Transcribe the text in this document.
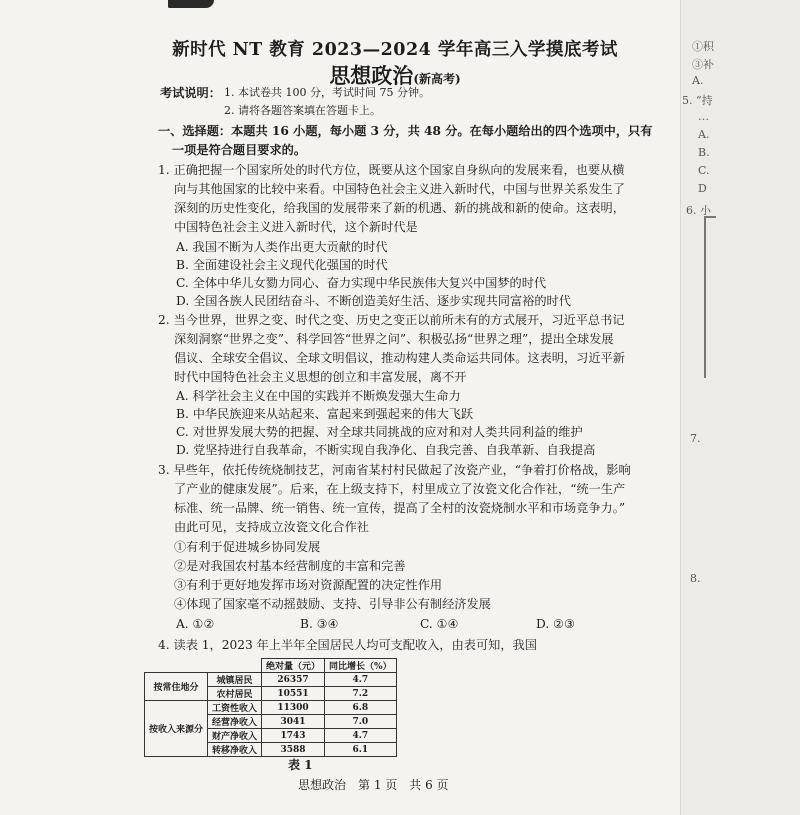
①积
③补
A.
5. “持
…
A.
B.
C.
D
6. 小
7.
8.
新时代 NT 教育 2023—2024 学年高三入学摸底考试
思想政治(新高考)
考试说明： 1. 本试卷共 100 分，考试时间 75 分钟。
2. 请将各题答案填在答题卡上。
一、选择题：本题共 16 小题，每小题 3 分，共 48 分。在每小题给出的四个选项中，只有
一项是符合题目要求的。
1. 正确把握一个国家所处的时代方位，既要从这个国家自身纵向的发展来看，也要从横
向与其他国家的比较中来看。中国特色社会主义进入新时代，中国与世界关系发生了
深刻的历史性变化，给我国的发展带来了新的机遇、新的挑战和新的使命。这表明，
中国特色社会主义进入新时代，这个新时代是
A. 我国不断为人类作出更大贡献的时代
B. 全面建设社会主义现代化强国的时代
C. 全体中华儿女勠力同心、奋力实现中华民族伟大复兴中国梦的时代
D. 全国各族人民团结奋斗、不断创造美好生活、逐步实现共同富裕的时代
2. 当今世界，世界之变、时代之变、历史之变正以前所未有的方式展开，习近平总书记
深刻洞察“世界之变”、科学回答“世界之问”、积极弘扬“世界之理”，提出全球发展
倡议、全球安全倡议、全球文明倡议，推动构建人类命运共同体。这表明，习近平新
时代中国特色社会主义思想的创立和丰富发展，离不开
A. 科学社会主义在中国的实践并不断焕发强大生命力
B. 中华民族迎来从站起来、富起来到强起来的伟大飞跃
C. 对世界发展大势的把握、对全球共同挑战的应对和对人类共同利益的维护
D. 党坚持进行自我革命，不断实现自我净化、自我完善、自我革新、自我提高
3. 早些年，依托传统烧制技艺，河南省某村村民做起了汝瓷产业，“争着打价格战，影响
了产业的健康发展”。后来，在上级支持下，村里成立了汝瓷文化合作社，“统一生产
标准、统一品牌、统一销售、统一宣传，提高了全村的汝瓷烧制水平和市场竞争力。”
由此可见，支持成立汝瓷文化合作社
①有利于促进城乡协同发展
②是对我国农村基本经营制度的丰富和完善
③有利于更好地发挥市场对资源配置的决定性作用
④体现了国家毫不动摇鼓励、支持、引导非公有制经济发展
A. ①②	B. ③④	C. ①④	D. ②③
4. 读表 1，2023 年上半年全国居民人均可支配收入，由表可知，我国
		绝对量（元）	同比增长（%）
按常住地分	城镇居民	26357	4.7
	农村居民	10551	7.2
按收入来源分	工资性收入	11300	6.8
	经营净收入	3041	7.0
	财产净收入	1743	4.7
	转移净收入	3588	6.1
表 1
思想政治　第 1 页　共 6 页
